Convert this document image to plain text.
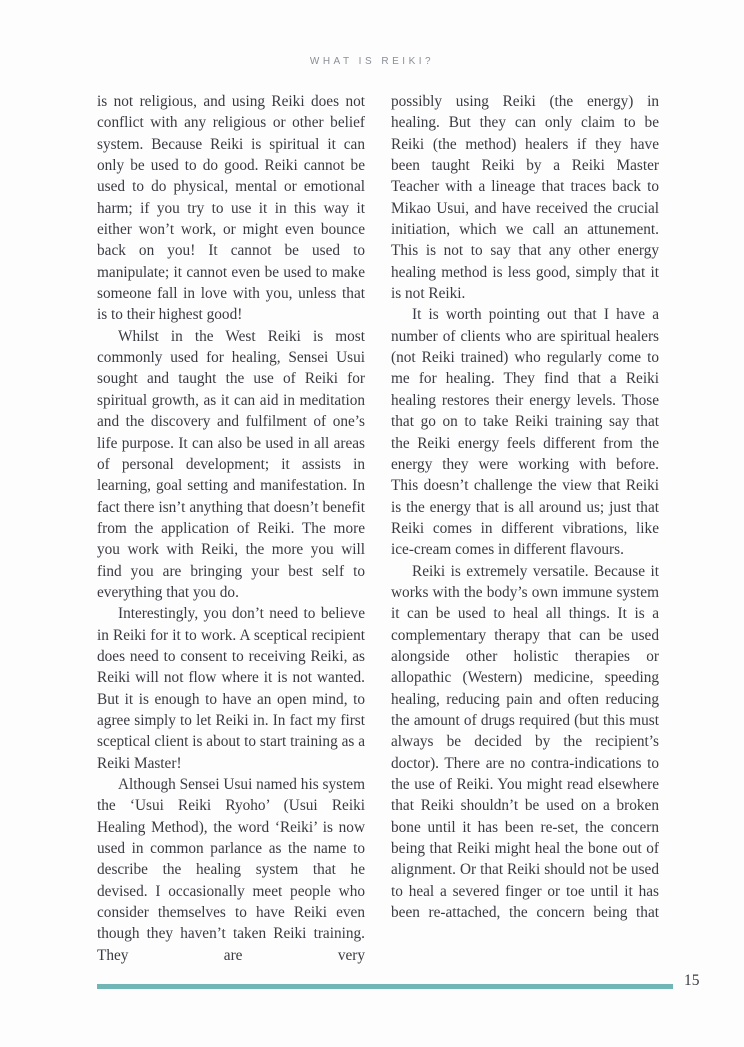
WHAT IS REIKI?

is not religious, and using Reiki does not conflict with any religious or other belief system. Because Reiki is spiritual it can only be used to do good. Reiki cannot be used to do physical, mental or emotional harm; if you try to use it in this way it either won’t work, or might even bounce back on you! It cannot be used to manipulate; it cannot even be used to make someone fall in love with you, unless that is to their highest good!

Whilst in the West Reiki is most commonly used for healing, Sensei Usui sought and taught the use of Reiki for spiritual growth, as it can aid in meditation and the discovery and fulfilment of one’s life purpose. It can also be used in all areas of personal development; it assists in learning, goal setting and manifestation. In fact there isn’t anything that doesn’t benefit from the application of Reiki. The more you work with Reiki, the more you will find you are bringing your best self to everything that you do.

Interestingly, you don’t need to believe in Reiki for it to work. A sceptical recipient does need to consent to receiving Reiki, as Reiki will not flow where it is not wanted. But it is enough to have an open mind, to agree simply to let Reiki in. In fact my first sceptical client is about to start training as a Reiki Master!

Although Sensei Usui named his system the ‘Usui Reiki Ryoho’ (Usui Reiki Healing Method), the word ‘Reiki’ is now used in common parlance as the name to describe the healing system that he devised. I occasionally meet people who consider themselves to have Reiki even though they haven’t taken Reiki training. They are very

possibly using Reiki (the energy) in healing. But they can only claim to be Reiki (the method) healers if they have been taught Reiki by a Reiki Master Teacher with a lineage that traces back to Mikao Usui, and have received the crucial initiation, which we call an attunement. This is not to say that any other energy healing method is less good, simply that it is not Reiki.

It is worth pointing out that I have a number of clients who are spiritual healers (not Reiki trained) who regularly come to me for healing. They find that a Reiki healing restores their energy levels. Those that go on to take Reiki training say that the Reiki energy feels different from the energy they were working with before. This doesn’t challenge the view that Reiki is the energy that is all around us; just that Reiki comes in different vibrations, like ice-cream comes in different flavours.

Reiki is extremely versatile. Because it works with the body’s own immune system it can be used to heal all things. It is a complementary therapy that can be used alongside other holistic therapies or allopathic (Western) medicine, speeding healing, reducing pain and often reducing the amount of drugs required (but this must always be decided by the recipient’s doctor). There are no contra-indications to the use of Reiki. You might read elsewhere that Reiki shouldn’t be used on a broken bone until it has been re-set, the concern being that Reiki might heal the bone out of alignment. Or that Reiki should not be used to heal a severed finger or toe until it has been re-attached, the concern being that

15
